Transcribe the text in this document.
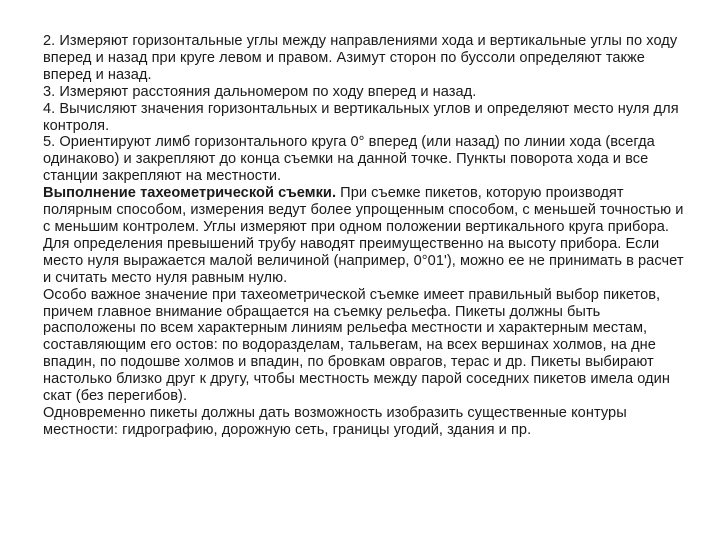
2. Измеряют горизонтальные углы между направлениями хода и вертикальные углы по ходу вперед и назад при круге левом и правом. Азимут сторон по буссоли определяют также вперед и назад.

3. Измеряют расстояния дальномером по ходу вперед и назад.

4. Вычисляют значения горизонтальных и вертикальных углов и определяют место нуля для контроля.

5. Ориентируют лимб горизонтального круга 0° вперед (или назад) по линии хода (всегда одинаково) и закрепляют до конца съемки на данной точке. Пункты поворота хода и все станции закрепляют на местности.

Выполнение тахеометрической съемки. При съемке пикетов, которую производят полярным способом, измерения ведут более упрощенным способом, с меньшей точностью и с меньшим контролем. Углы измеряют при одном положении вертикального круга прибора. Для определения превышений трубу наводят преимущественно на высоту прибора. Если место нуля выражается малой величиной (например, 0°01'), можно ее не принимать в расчет и считать место нуля равным нулю.

Особо важное значение при тахеометрической съемке имеет правильный выбор пикетов, причем главное внимание обращается на съемку рельефа. Пикеты должны быть расположены по всем характерным линиям рельефа местности и характерным местам, составляющим его остов: по водоразделам, тальвегам, на всех вершинах холмов, на дне впадин, по подошве холмов и впадин, по бровкам оврагов, терас и др. Пикеты выбирают настолько близко друг к другу, чтобы местность между парой соседних пикетов имела один скат (без перегибов).

Одновременно пикеты должны дать возможность изобразить существенные контуры местности: гидрографию, дорожную сеть, границы угодий, здания и пр.
